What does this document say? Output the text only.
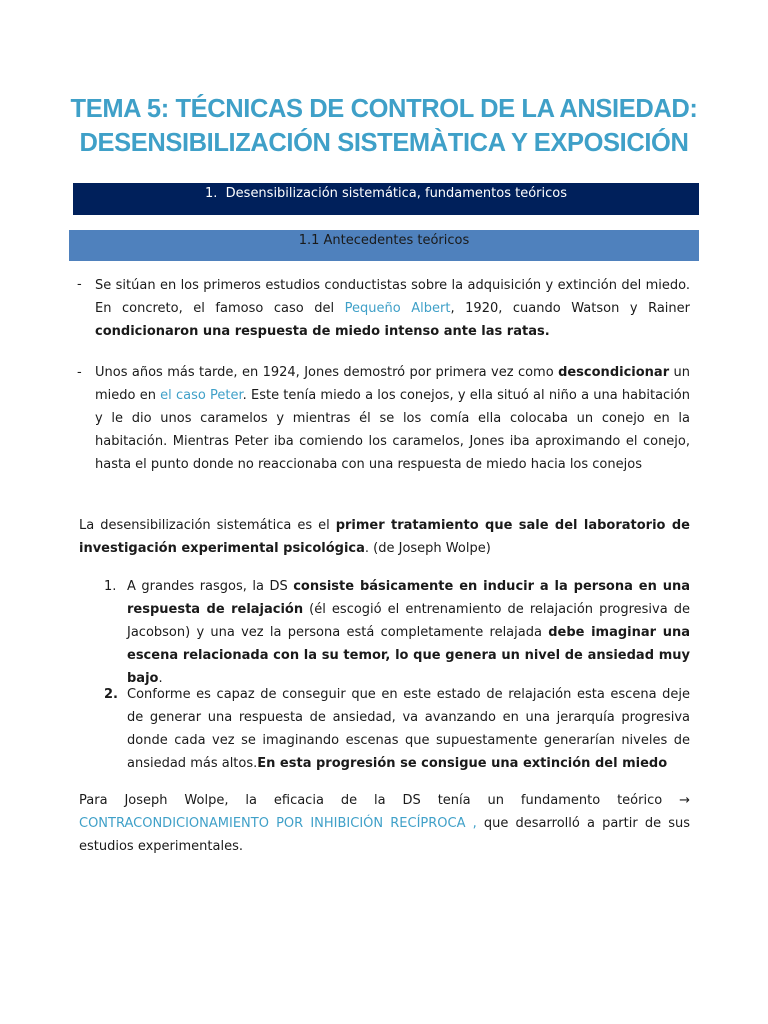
TEMA 5: TÉCNICAS DE CONTROL DE LA ANSIEDAD:
DESENSIBILIZACIÓN SISTEMÀTICA Y EXPOSICIÓN
1. Desensibilización sistemática, fundamentos teóricos
1.1 Antecedentes teóricos
- Se sitúan en los primeros estudios conductistas sobre la adquisición y extinción del miedo. En concreto, el famoso caso del Pequeño Albert, 1920, cuando Watson y Rainer condicionaron una respuesta de miedo intenso ante las ratas.
- Unos años más tarde, en 1924, Jones demostró por primera vez como descondicionar un miedo en el caso Peter. Este tenía miedo a los conejos, y ella situó al niño a una habitación y le dio unos caramelos y mientras él se los comía ella colocaba un conejo en la habitación. Mientras Peter iba comiendo los caramelos, Jones iba aproximando el conejo, hasta el punto donde no reaccionaba con una respuesta de miedo hacia los conejos
La desensibilización sistemática es el primer tratamiento que sale del laboratorio de investigación experimental psicológica. (de Joseph Wolpe)
1. A grandes rasgos, la DS consiste básicamente en inducir a la persona en una respuesta de relajación (él escogió el entrenamiento de relajación progresiva de Jacobson) y una vez la persona está completamente relajada debe imaginar una escena relacionada con la su temor, lo que genera un nivel de ansiedad muy bajo.
2. Conforme es capaz de conseguir que en este estado de relajación esta escena deje de generar una respuesta de ansiedad, va avanzando en una jerarquía progresiva donde cada vez se imaginando escenas que supuestamente generarían niveles de ansiedad más altos.En esta progresión se consigue una extinción del miedo
Para Joseph Wolpe, la eficacia de la DS tenía un fundamento teórico → CONTRACONDICIONAMIENTO POR INHIBICIÓN RECÍPROCA , que desarrolló a partir de sus estudios experimentales.
